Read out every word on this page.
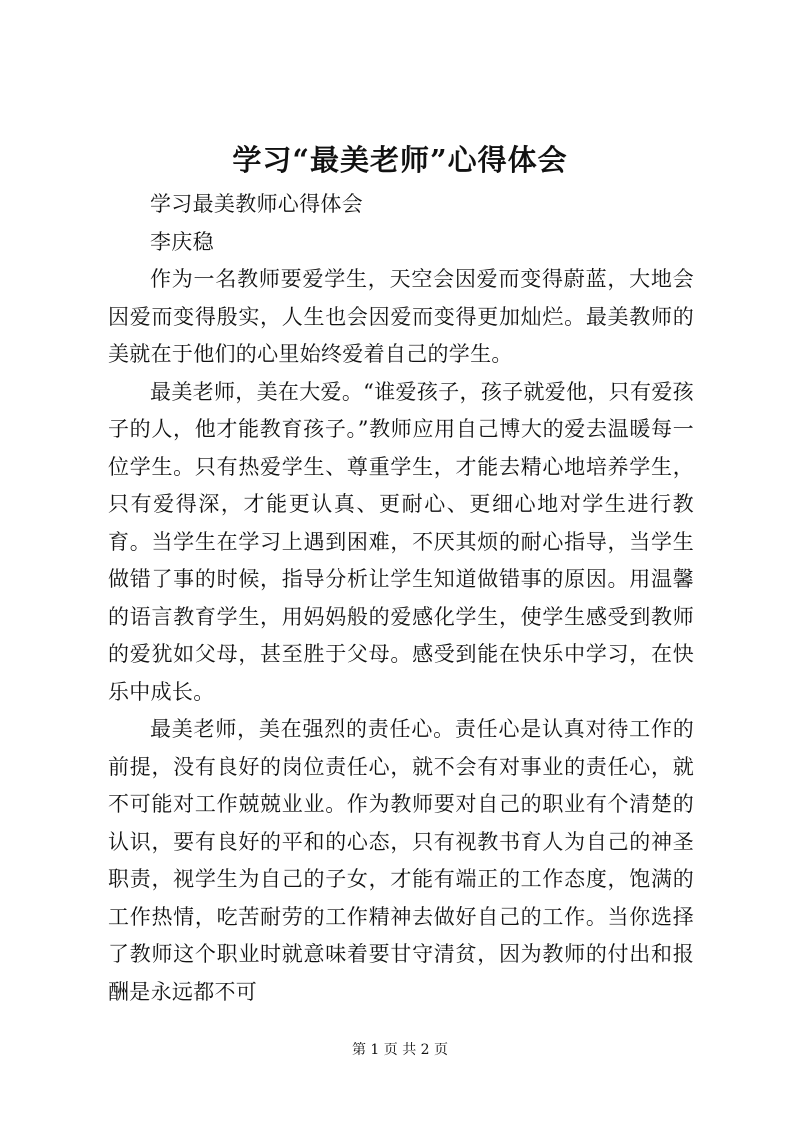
学习“最美老师”心得体会

学习最美教师心得体会

李庆稳

作为一名教师要爱学生，天空会因爱而变得蔚蓝，大地会因爱而变得殷实，人生也会因爱而变得更加灿烂。最美教师的美就在于他们的心里始终爱着自己的学生。

最美老师，美在大爱。“谁爱孩子，孩子就爱他，只有爱孩子的人，他才能教育孩子。”教师应用自己博大的爱去温暖每一位学生。只有热爱学生、尊重学生，才能去精心地培养学生，只有爱得深，才能更认真、更耐心、更细心地对学生进行教育。当学生在学习上遇到困难，不厌其烦的耐心指导，当学生做错了事的时候，指导分析让学生知道做错事的原因。用温馨的语言教育学生，用妈妈般的爱感化学生，使学生感受到教师的爱犹如父母，甚至胜于父母。感受到能在快乐中学习，在快乐中成长。

最美老师，美在强烈的责任心。责任心是认真对待工作的前提，没有良好的岗位责任心，就不会有对事业的责任心，就不可能对工作兢兢业业。作为教师要对自己的职业有个清楚的认识，要有良好的平和的心态，只有视教书育人为自己的神圣职责，视学生为自己的子女，才能有端正的工作态度，饱满的工作热情，吃苦耐劳的工作精神去做好自己的工作。当你选择了教师这个职业时就意味着要甘守清贫，因为教师的付出和报酬是永远都不可

第 1 页 共 2 页
